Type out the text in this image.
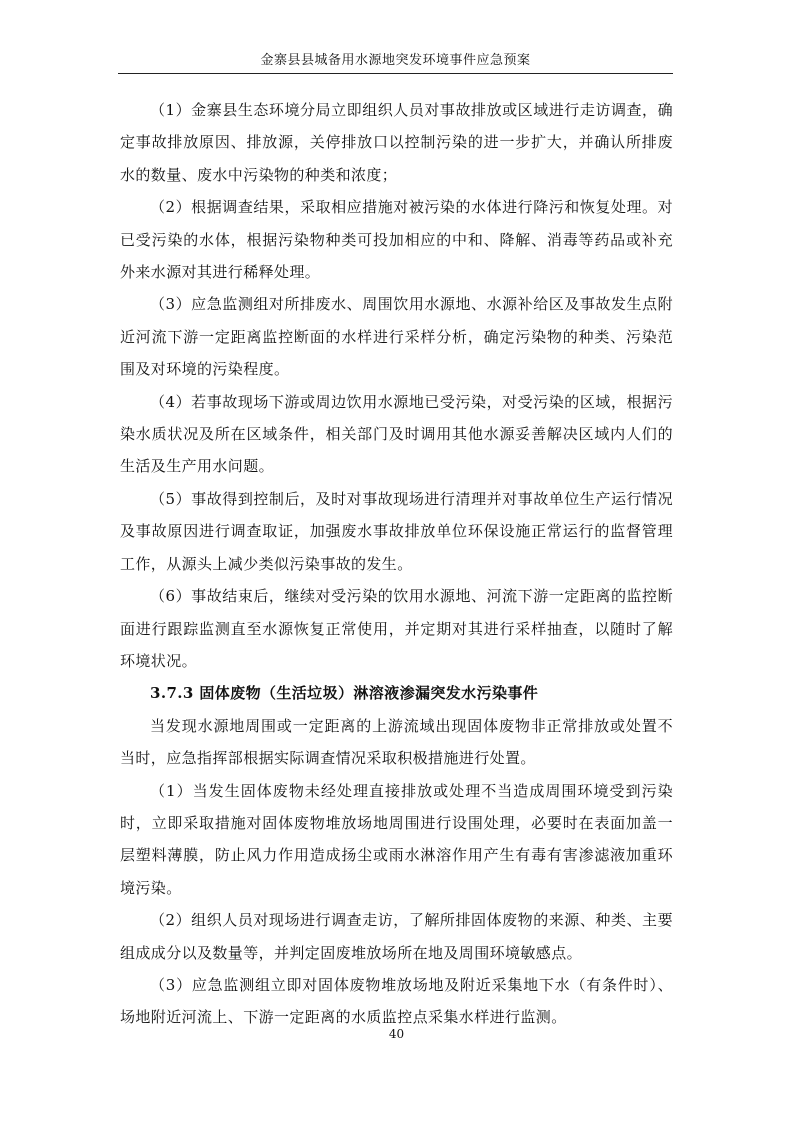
金寨县县城备用水源地突发环境事件应急预案

（1）金寨县生态环境分局立即组织人员对事故排放或区域进行走访调查，确定事故排放原因、排放源，关停排放口以控制污染的进一步扩大，并确认所排废水的数量、废水中污染物的种类和浓度；

（2）根据调查结果，采取相应措施对被污染的水体进行降污和恢复处理。对已受污染的水体，根据污染物种类可投加相应的中和、降解、消毒等药品或补充外来水源对其进行稀释处理。

（3）应急监测组对所排废水、周围饮用水源地、水源补给区及事故发生点附近河流下游一定距离监控断面的水样进行采样分析，确定污染物的种类、污染范围及对环境的污染程度。

（4）若事故现场下游或周边饮用水源地已受污染，对受污染的区域，根据污染水质状况及所在区域条件，相关部门及时调用其他水源妥善解决区域内人们的生活及生产用水问题。

（5）事故得到控制后，及时对事故现场进行清理并对事故单位生产运行情况及事故原因进行调查取证，加强废水事故排放单位环保设施正常运行的监督管理工作，从源头上减少类似污染事故的发生。

（6）事故结束后，继续对受污染的饮用水源地、河流下游一定距离的监控断面进行跟踪监测直至水源恢复正常使用，并定期对其进行采样抽查，以随时了解环境状况。

3.7.3 固体废物（生活垃圾）淋溶液渗漏突发水污染事件

当发现水源地周围或一定距离的上游流域出现固体废物非正常排放或处置不当时，应急指挥部根据实际调查情况采取积极措施进行处置。

（1）当发生固体废物未经处理直接排放或处理不当造成周围环境受到污染时，立即采取措施对固体废物堆放场地周围进行设围处理，必要时在表面加盖一层塑料薄膜，防止风力作用造成扬尘或雨水淋溶作用产生有毒有害渗滤液加重环境污染。

（2）组织人员对现场进行调查走访，了解所排固体废物的来源、种类、主要组成成分以及数量等，并判定固废堆放场所在地及周围环境敏感点。

（3）应急监测组立即对固体废物堆放场地及附近采集地下水（有条件时）、场地附近河流上、下游一定距离的水质监控点采集水样进行监测。

40
